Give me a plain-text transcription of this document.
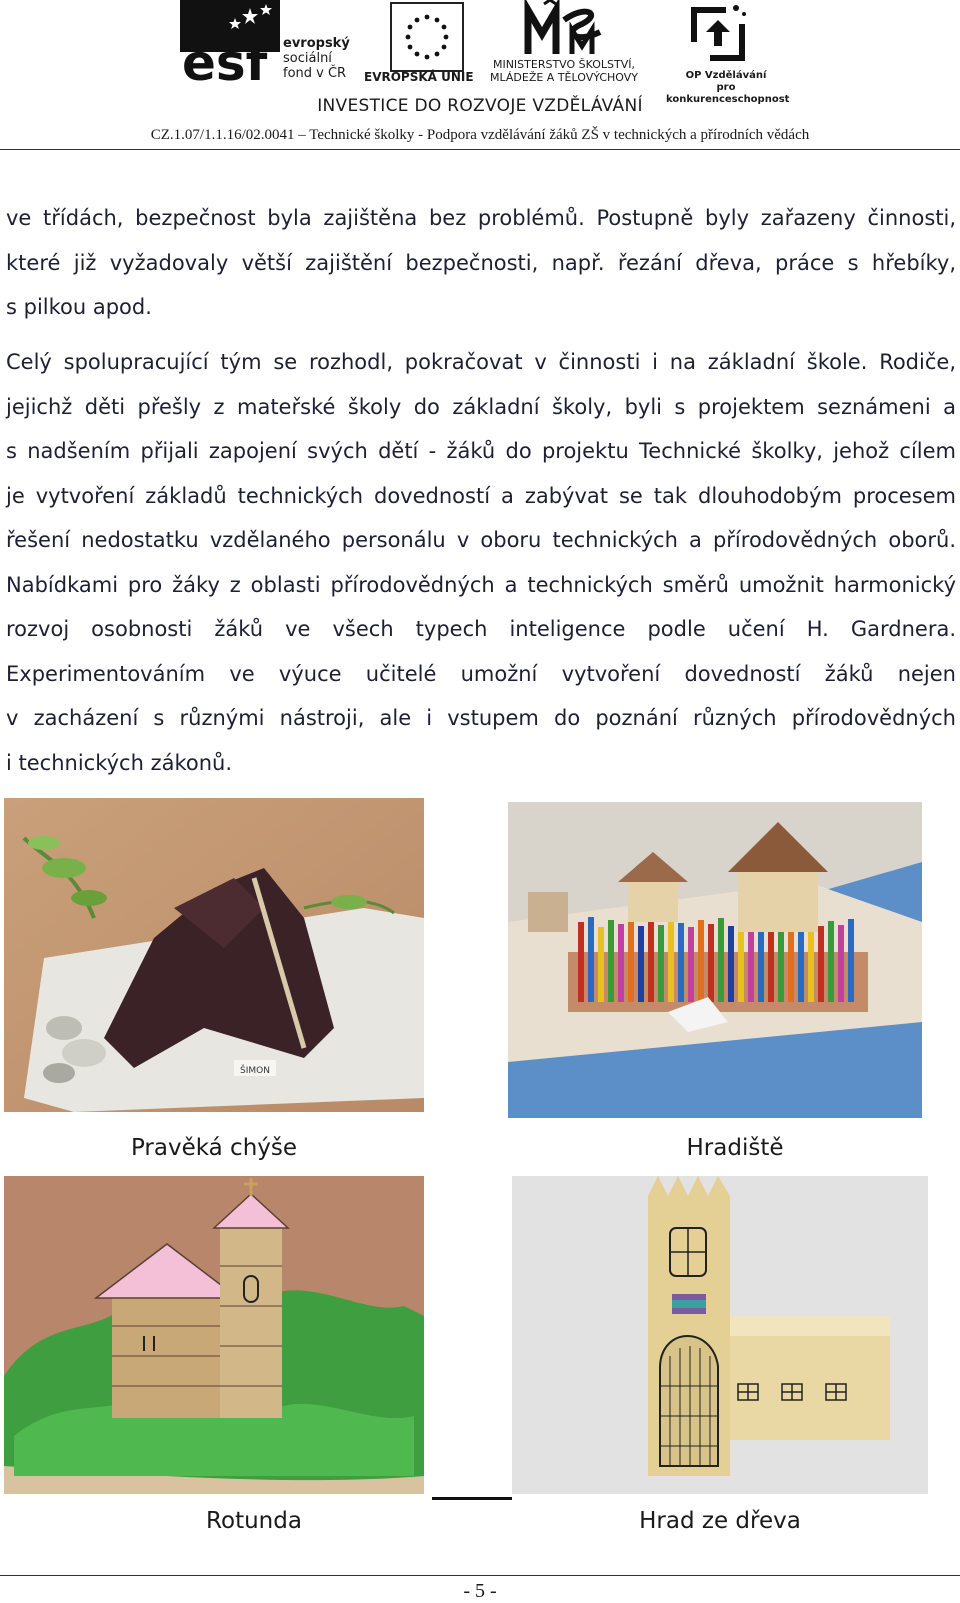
esf evropský
sociální
fond v ČR	EVROPSKÁ UNIE
MINISTERSTVO ŠKOLSTVÍ,
MLÁDEŽE A TĚLOVÝCHOVY	OP Vzdělávání
pro konkurenceschopnost
INVESTICE DO ROZVOJE VZDĚLÁVÁNÍ
CZ.1.07/1.1.16/02.0041 – Technické školky - Podpora vzdělávání žáků ZŠ v technických a přírodních vědách
ve třídách, bezpečnost byla zajištěna bez problémů. Postupně byly zařazeny činnosti,
které již vyžadovaly větší zajištění bezpečnosti, např. řezání dřeva, práce s hřebíky,
s pilkou apod.
Celý spolupracující tým se rozhodl, pokračovat v činnosti i na základní škole. Rodiče,
jejichž děti přešly z mateřské školy do základní školy, byli s projektem seznámeni a
s nadšením přijali zapojení svých dětí - žáků do projektu Technické školky, jehož cílem
je vytvoření základů technických dovedností a zabývat se tak dlouhodobým procesem
řešení nedostatku vzdělaného personálu v oboru technických a přírodovědných oborů.
Nabídkami pro žáky z oblasti přírodovědných a technických směrů umožnit harmonický
rozvoj osobnosti žáků ve všech typech inteligence podle učení H. Gardnera.
Experimentováním ve výuce učitelé umožní vytvoření dovedností žáků nejen
v zacházení s různými nástroji, ale i vstupem do poznání různých přírodovědných
i technických zákonů.
ŠIMON
Pravěká chýše	Hradiště
Rotunda	Hrad ze dřeva
- 5 -
